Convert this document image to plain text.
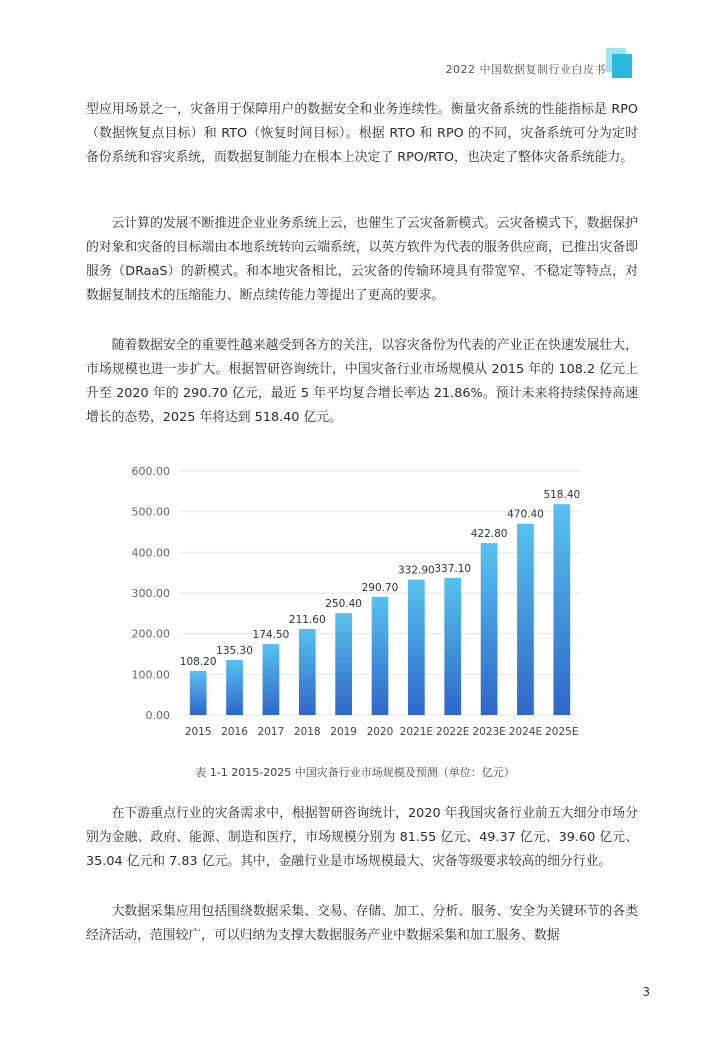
2022 中国数据复制行业白皮书

型应用场景之一，灾备用于保障用户的数据安全和业务连续性。衡量灾备系统的性能指标是 RPO（数据恢复点目标）和 RTO（恢复时间目标）。根据 RTO 和 RPO 的不同，灾备系统可分为定时备份系统和容灾系统，而数据复制能力在根本上决定了 RPO/RTO，也决定了整体灾备系统能力。

云计算的发展不断推进企业业务系统上云，也催生了云灾备新模式。云灾备模式下，数据保护的对象和灾备的目标端由本地系统转向云端系统，以英方软件为代表的服务供应商，已推出灾备即服务（DRaaS）的新模式。和本地灾备相比，云灾备的传输环境具有带宽窄、不稳定等特点，对数据复制技术的压缩能力、断点续传能力等提出了更高的要求。

随着数据安全的重要性越来越受到各方的关注，以容灾备份为代表的产业正在快速发展壮大，市场规模也进一步扩大。根据智研咨询统计，中国灾备行业市场规模从 2015 年的 108.2 亿元上升至 2020 年的 290.70 亿元，最近 5 年平均复合增长率达 21.86%。预计未来将持续保持高速增长的态势，2025 年将达到 518.40 亿元。

0.00
100.00
200.00
300.00
400.00
500.00
600.00
108.20
2015
135.30
2016
174.50
2017
211.60
2018
250.40
2019
290.70
2020
332.90
2021E
337.10
2022E
422.80
2023E
470.40
2024E
518.40
2025E
表 1-1 2015-2025 中国灾备行业市场规模及预测（单位：亿元）

在下游重点行业的灾备需求中，根据智研咨询统计，2020 年我国灾备行业前五大细分市场分别为金融、政府、能源、制造和医疗，市场规模分别为 81.55 亿元、49.37 亿元、39.60 亿元、35.04 亿元和 7.83 亿元。其中，金融行业是市场规模最大、灾备等级要求较高的细分行业。

大数据采集应用包括围绕数据采集、交易、存储、加工、分析、服务、安全为关键环节的各类经济活动，范围较广，可以归纳为支撑大数据服务产业中数据采集和加工服务、数据

3
